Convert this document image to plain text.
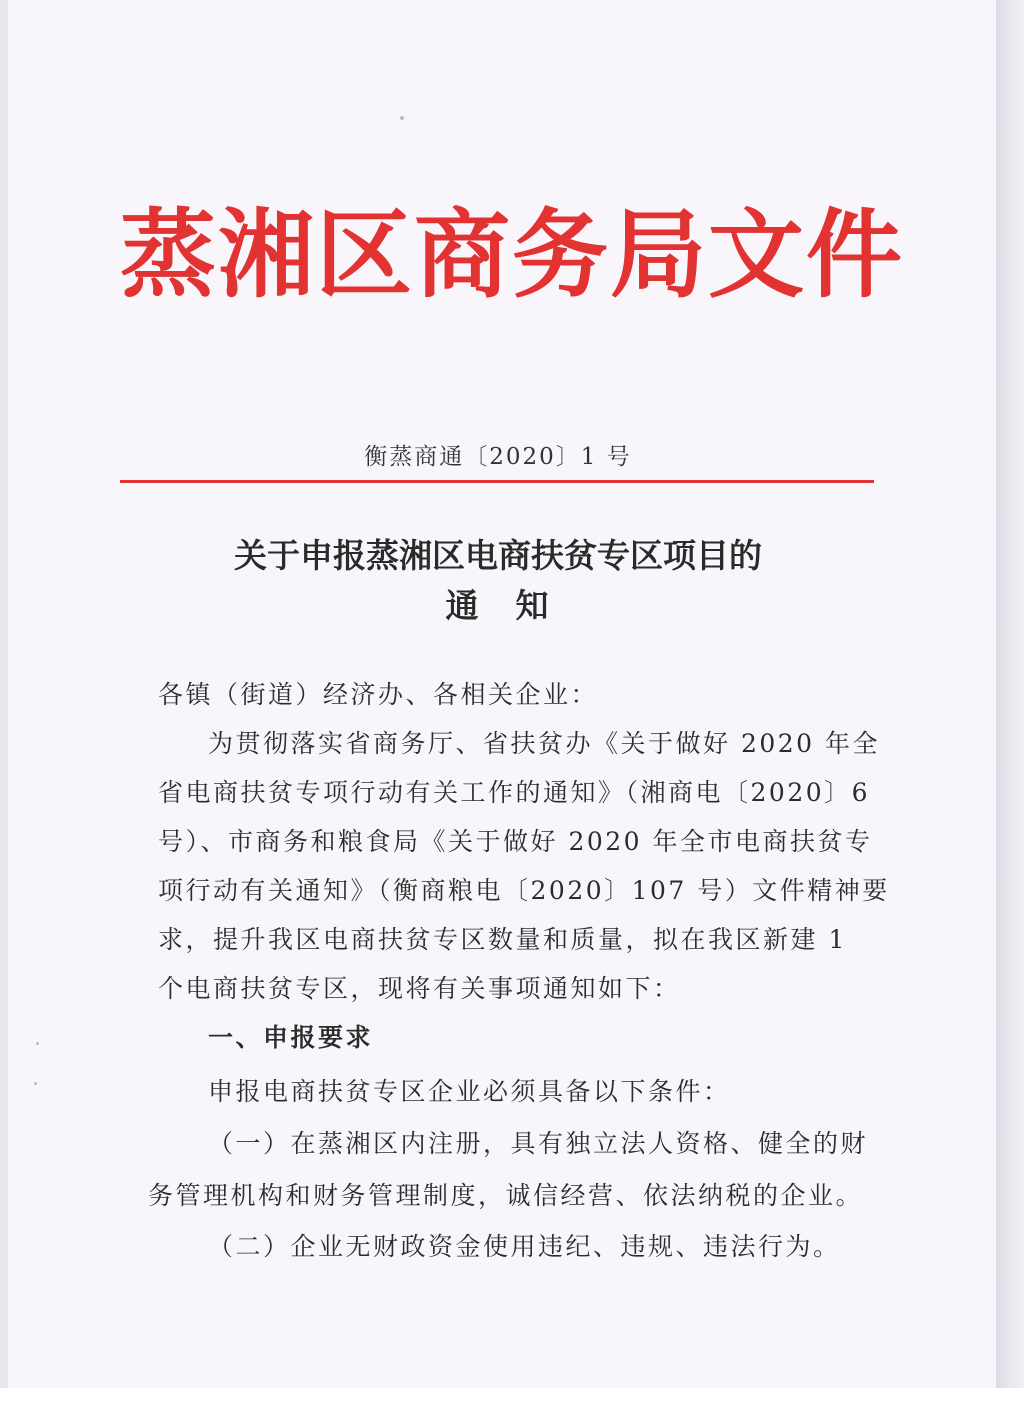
蒸湘区商务局文件
衡蒸商通〔2020〕1 号
关于申报蒸湘区电商扶贫专区项目的
通　知
各镇（街道）经济办、各相关企业：
为贯彻落实省商务厅、省扶贫办《关于做好 2020 年全
省电商扶贫专项行动有关工作的通知》（湘商电〔2020〕6
号）、市商务和粮食局《关于做好 2020 年全市电商扶贫专
项行动有关通知》（衡商粮电〔2020〕107 号）文件精神要
求，提升我区电商扶贫专区数量和质量，拟在我区新建 1
个电商扶贫专区，现将有关事项通知如下：
一、申报要求
申报电商扶贫专区企业必须具备以下条件：
（一）在蒸湘区内注册，具有独立法人资格、健全的财
务管理机构和财务管理制度，诚信经营、依法纳税的企业。
（二）企业无财政资金使用违纪、违规、违法行为。
